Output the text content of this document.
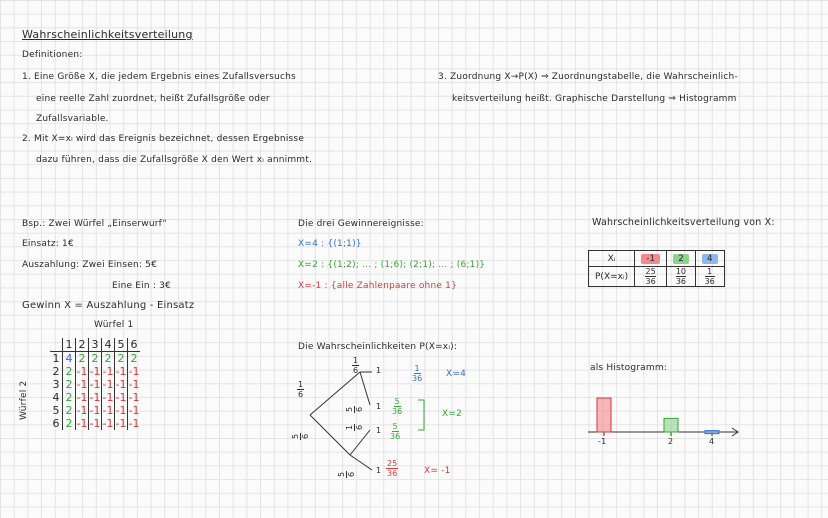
Wahrscheinlichkeitsverteilung
Definitionen:
1. Eine Größe X, die jedem Ergebnis eines Zufallsversuchs
eine reelle Zahl zuordnet, heißt Zufallsgröße oder
Zufallsvariable.
2. Mit X=xᵢ wird das Ereignis bezeichnet, dessen Ergebnisse
dazu führen, dass die Zufallsgröße X den Wert xᵢ annimmt.
3. Zuordnung X→P(X) ⇒ Zuordnungstabelle, die Wahrscheinlich-
keitsverteilung heißt. Graphische Darstellung ⇒ Histogramm
Bsp.: Zwei Würfel „Einserwurf“
Einsatz: 1€
Auszahlung: Zwei Einsen: 5€
Eine Ein : 3€
Gewinn X = Auszahlung - Einsatz
Würfel 1
Würfel 2
	1	2	3	4	5	6
1	4	2	2	2	2	2
2	2	-1	-1	-1	-1	-1
3	2	-1	-1	-1	-1	-1
4	2	-1	-1	-1	-1	-1
5	2	-1	-1	-1	-1	-1
6	2	-1	-1	-1	-1	-1
Die drei Gewinnereignisse:
X=4 : {(1;1)}
X=2 : {(1;2); ... ; (1;6); (2;1); ... ; (6;1)}
X=-1 : {alle Zahlenpaare ohne 1}
Die Wahrscheinlichkeiten P(X=xᵢ):
$\frac{1}{6} 1$
$\frac{1}{6}$
5 6
1 6
5 6
5 6
$\frac{1}{36}$	X=4
$1 \frac{5}{36}$
$1 \frac{5}{36}$
X=2
$1 \frac{25}{36}$	X= -1
Wahrscheinlichkeitsverteilung von X:
Xᵢ	-1	2	4
P(X=xᵢ)	$\frac{25}{36}$	$\frac{10}{36}$	$\frac{1}{36}$
als Histogramm:
-1	2	4
